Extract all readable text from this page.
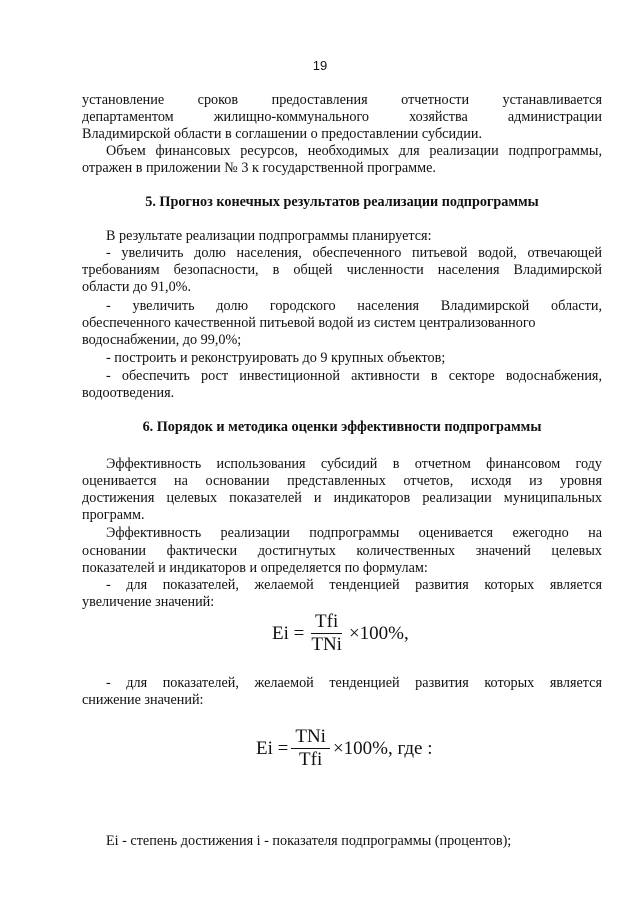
19

установление сроков предоставления отчетности устанавливается

департаментом жилищно-коммунального хозяйства администрации

Владимирской области в соглашении о предоставлении субсидии.

Объем финансовых ресурсов, необходимых для реализации подпрограммы,

отражен в приложении № 3 к государственной программе.

5. Прогноз конечных результатов реализации подпрограммы

В результате реализации подпрограммы планируется:

- увеличить долю населения, обеспеченного питьевой водой, отвечающей

требованиям безопасности, в общей численности населения Владимирской

области до 91,0%.

- увеличить долю городского населения Владимирской области,

обеспеченного качественной питьевой водой из систем централизованного

водоснабжении, до 99,0%;

- построить и реконструировать до 9 крупных объектов;

- обеспечить рост инвестиционной активности в секторе водоснабжения,

водоотведения.

6. Порядок и методика оценки эффективности подпрограммы

Эффективность использования субсидий в отчетном финансовом году

оценивается на основании представленных отчетов, исходя из уровня

достижения целевых показателей и индикаторов реализации муниципальных

программ.

Эффективность реализации подпрограммы оценивается ежегодно на

основании фактически достигнутых количественных значений целевых

показателей и индикаторов и определяется по формулам:

- для показателей, желаемой тенденцией развития которых является

увеличение значений:

$Ei = \frac{\text{Tfi}}{\text{TNi}} \times 100\%$,

- для показателей, желаемой тенденцией развития которых является

снижение значений:

$Ei = \frac{\text{TNi}}{\text{Tfi}} \times 100\%$, где :

Ei - степень достижения i - показателя подпрограммы (процентов);
